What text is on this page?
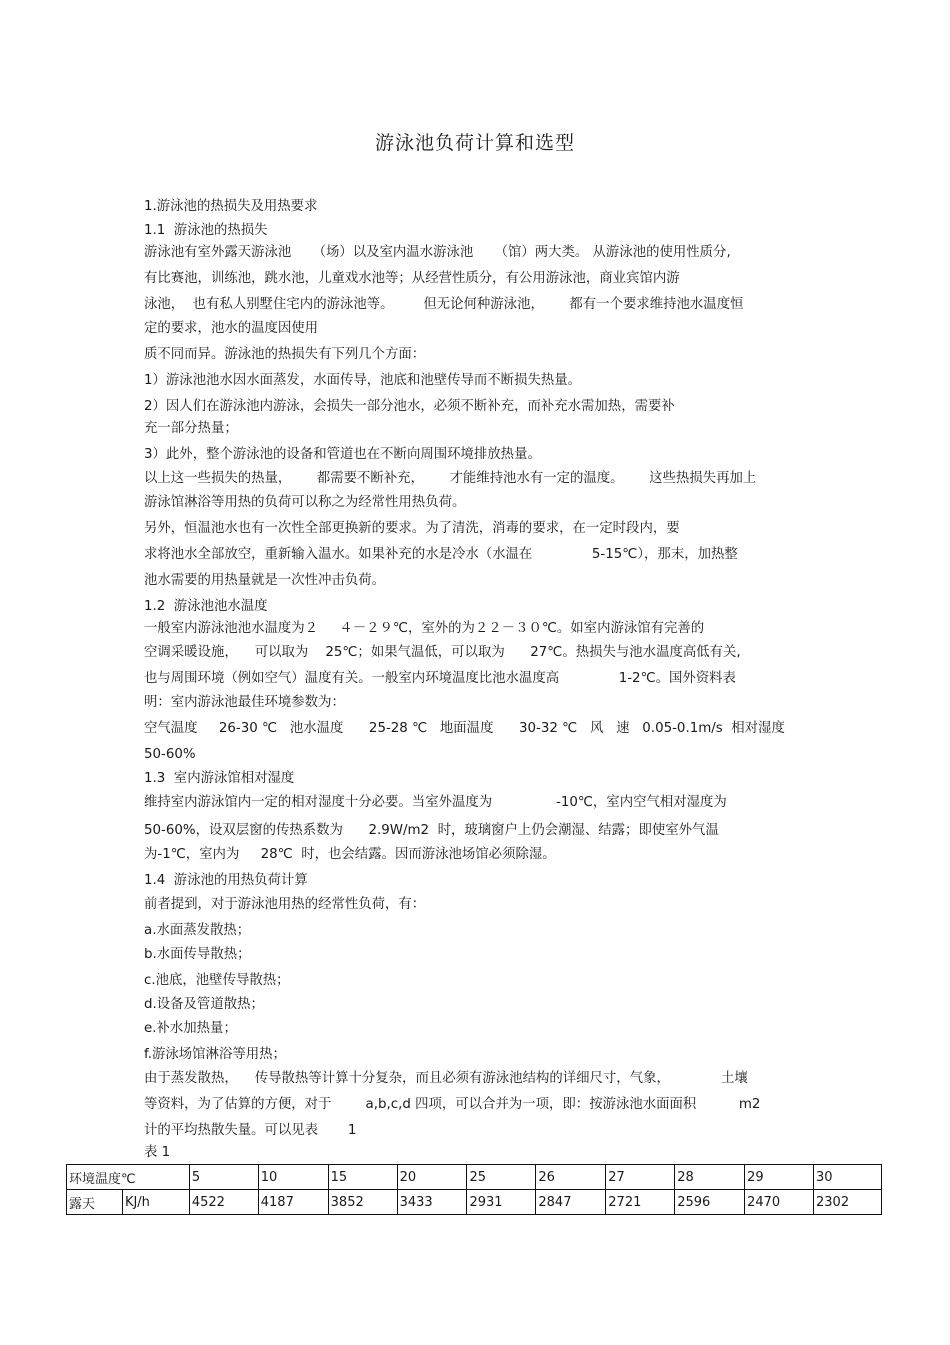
游泳池负荷计算和选型
1.游泳池的热损失及用热要求
1.1  游泳池的热损失
游泳池有室外露天游泳池     （场）以及室内温水游泳池     （馆）两大类。 从游泳池的使用性质分,
有比赛池，训练池，跳水池，儿童戏水池等；从经营性质分，有公用游泳池，商业宾馆内游
泳池，  也有私人别墅住宅内的游泳池等。       但无论何种游泳池，      都有一个要求维持池水温度恒
定的要求，池水的温度因使用
质不同而异。游泳池的热损失有下列几个方面：
1）游泳池池水因水面蒸发，水面传导，池底和池壁传导而不断损失热量。
2）因人们在游泳池内游泳，会损失一部分池水，必须不断补充，而补充水需加热，需要补
充一部分热量；
3）此外，整个游泳池的设备和管道也在不断向周围环境排放热量。
以上这一些损失的热量，      都需要不断补充，      才能维持池水有一定的温度。      这些热损失再加上
游泳馆淋浴等用热的负荷可以称之为经常性用热负荷。
另外，恒温池水也有一次性全部更换新的要求。为了清洗，消毒的要求，在一定时段内，要
求将池水全部放空，重新输入温水。如果补充的水是冷水（水温在              5-15℃），那末，加热整
池水需要的用热量就是一次性冲击负荷。
1.2  游泳池池水温度
一般室内游泳池池水温度为２     ４－２９℃，室外的为２２－３０℃。如室内游泳馆有完善的
空调采暖设施，    可以取为    25℃；如果气温低，可以取为      27℃。热损失与池水温度高低有关,
也与周围环境（例如空气）温度有关。一般室内环境温度比池水温度高              1-2℃。国外资料表
明：室内游泳池最佳环境参数为：
空气温度     26-30 ℃   池水温度      25-28 ℃   地面温度      30-32 ℃   风   速   0.05-0.1m/s  相对湿度
50-60%
1.3  室内游泳馆相对湿度
维持室内游泳馆内一定的相对湿度十分必要。当室外温度为               -10℃，室内空气相对湿度为
50-60%，设双层窗的传热系数为      2.9W/m2  时，玻璃窗户上仍会潮湿、结露；即使室外气温
为-1℃，室内为     28℃  时，也会结露。因而游泳池场馆必须除湿。
1.4  游泳池的用热负荷计算
前者提到，对于游泳池用热的经常性负荷，有：
a.水面蒸发散热；
b.水面传导散热；
c.池底，池壁传导散热；
d.设备及管道散热；
e.补水加热量；
f.游泳场馆淋浴等用热；
由于蒸发散热，    传导散热等计算十分复杂，而且必须有游泳池结构的详细尺寸，气象，            土壤
等资料，为了估算的方便，对于        a,b,c,d 四项，可以合并为一项，即：按游泳池水面面积          m2
计的平均热散失量。可以见表       1
表 1
环境温度℃		5	10	15	20	25	26	27	28	29	30
露天	KJ/h	4522	4187	3852	3433	2931	2847	2721	2596	2470	2302
